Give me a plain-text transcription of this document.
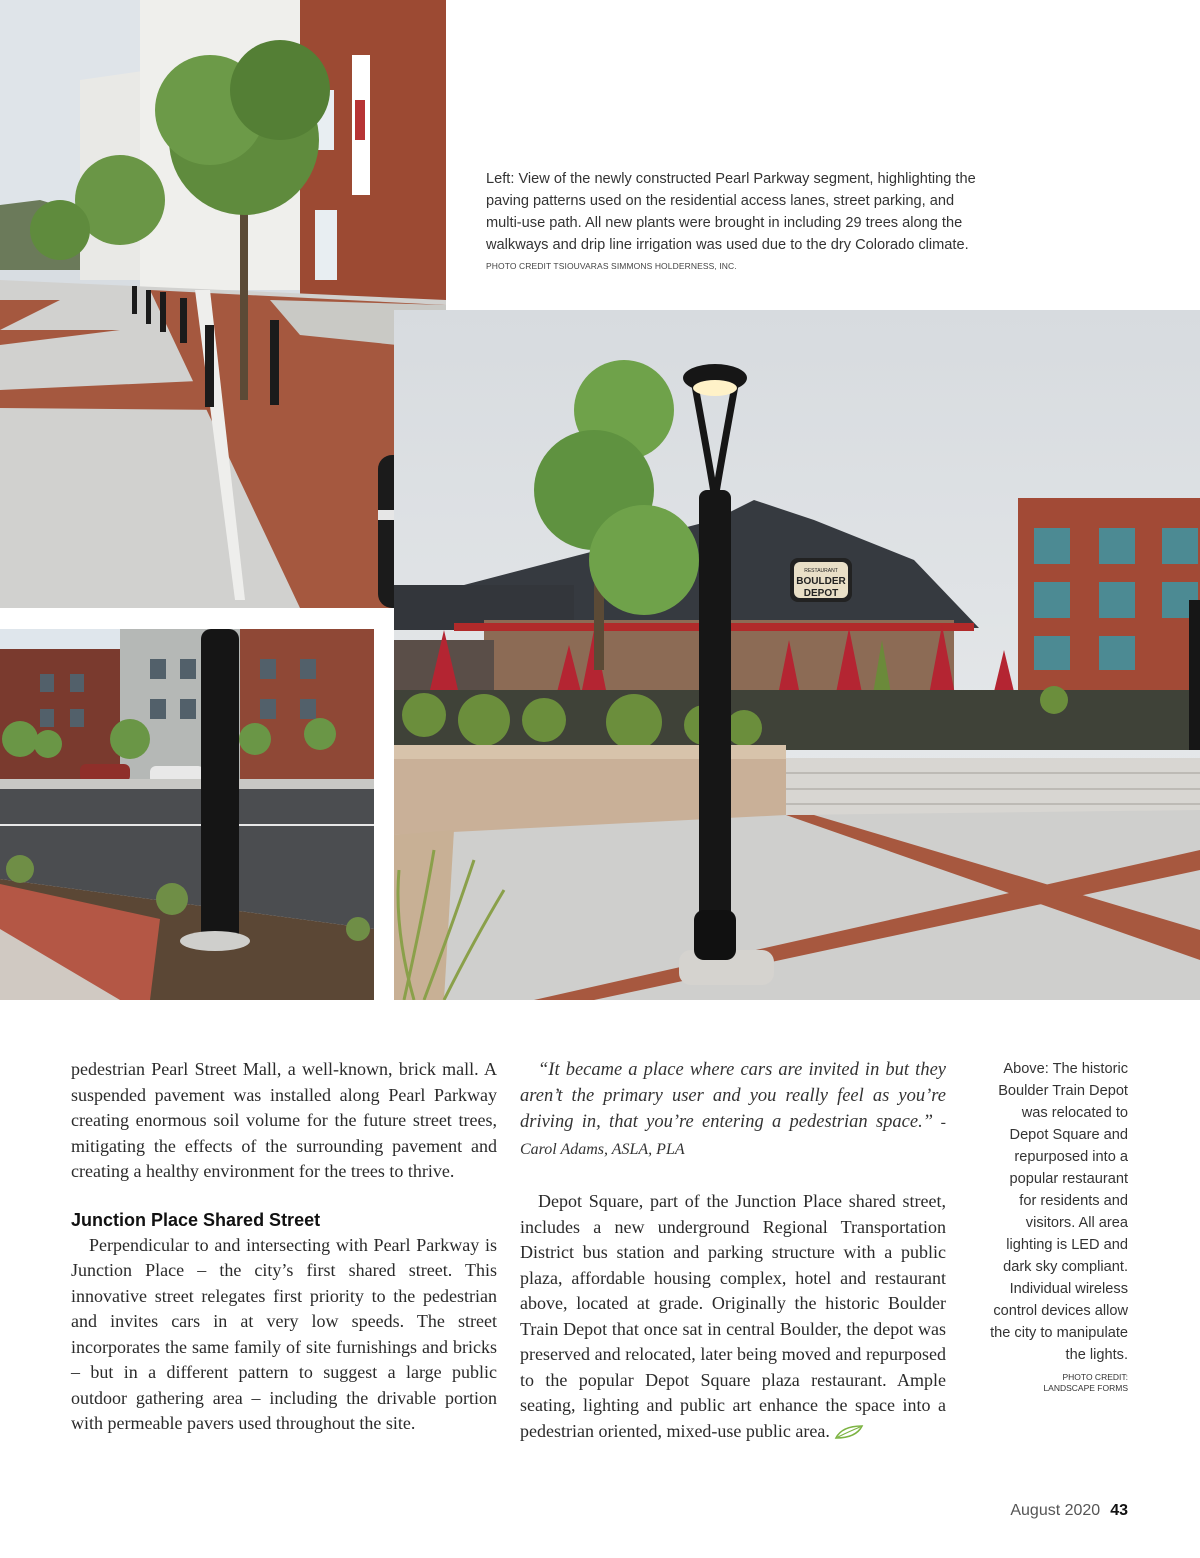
Left: View of the newly constructed Pearl Parkway segment, highlighting the paving patterns used on the residential access lanes, street parking, and multi-use path. All new plants were brought in including 29 trees along the walkways and drip line irrigation was used due to the dry Colorado climate.
PHOTO CREDIT TSIOUVARAS SIMMONS HOLDERNESS, INC.
RESTAURANT
BOULDER
DEPOT

pedestrian Pearl Street Mall, a well-known, brick mall. A suspended pavement was installed along Pearl Parkway creating enormous soil volume for the future street trees, mitigating the effects of the surrounding pavement and creating a healthy environment for the trees to thrive.

Junction Place Shared Street

Perpendicular to and intersecting with Pearl Parkway is Junction Place – the city’s first shared street. This innovative street relegates first priority to the pedestrian and invites cars in at very low speeds. The street incorporates the same family of site furnishings and bricks – but in a different pattern to suggest a large public outdoor gathering area – including the drivable portion with permeable pavers used throughout the site.

“It became a place where cars are invited in but they aren’t the primary user and you really feel as you’re driving in, that you’re entering a pedestrian space.” - Carol Adams, ASLA, PLA

Depot Square, part of the Junction Place shared street, includes a new underground Regional Transportation District bus station and parking structure with a public plaza, affordable housing complex, hotel and restaurant above, located at grade. Originally the historic Boulder Train Depot that once sat in central Boulder, the depot was preserved and relocated, later being moved and repurposed to the popular Depot Square plaza restaurant. Ample seating, lighting and public art enhance the space into a pedestrian oriented, mixed-use public area.

Above: The historic Boulder Train Depot was relocated to Depot Square and repurposed into a popular restaurant for residents and visitors. All area lighting is LED and dark sky compliant. Individual wireless control devices allow the city to manipulate the lights.
PHOTO CREDIT:
LANDSCAPE FORMS
August 2020 43
